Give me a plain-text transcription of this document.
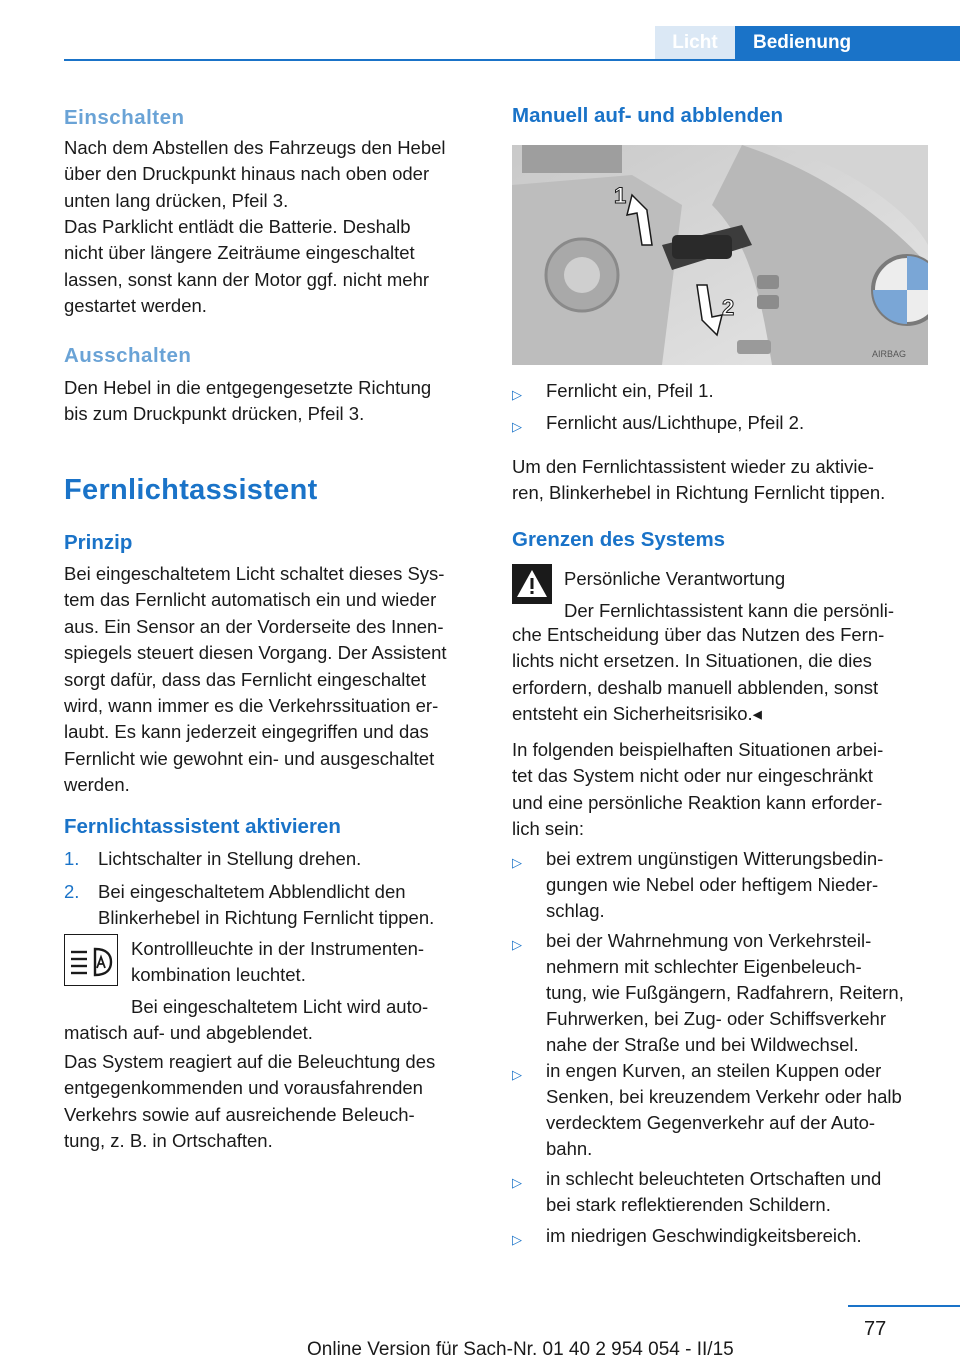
Licht	Bedienung
Einschalten

Nach dem Abstellen des Fahrzeugs den Hebel

über den Druckpunkt hinaus nach oben oder

unten lang drücken, Pfeil 3.

Das Parklicht entlädt die Batterie. Deshalb

nicht über längere Zeiträume eingeschaltet

lassen, sonst kann der Motor ggf. nicht mehr

gestartet werden.

Ausschalten

Den Hebel in die entgegengesetzte Richtung

bis zum Druckpunkt drücken, Pfeil 3.

Fernlichtassistent
Prinzip

Bei eingeschaltetem Licht schaltet dieses Sys-

tem das Fernlicht automatisch ein und wieder

aus. Ein Sensor an der Vorderseite des Innen-

spiegels steuert diesen Vorgang. Der Assistent

sorgt dafür, dass das Fernlicht eingeschaltet

wird, wann immer es die Verkehrssituation er-

laubt. Es kann jederzeit eingegriffen und das

Fernlicht wie gewohnt ein- und ausgeschaltet

werden.

Fernlichtassistent aktivieren
1. Lichtschalter in Stellung drehen.
2. Bei eingeschaltetem Abblendlicht den
Blinkerhebel in Richtung Fernlicht tippen.

Kontrollleuchte in der Instrumenten-

kombination leuchtet.

Bei eingeschaltetem Licht wird auto-

matisch auf- und abgeblendet.

Das System reagiert auf die Beleuchtung des

entgegenkommenden und vorausfahrenden

Verkehrs sowie auf ausreichende Beleuch-

tung, z. B. in Ortschaften.

Manuell auf- und abblenden
1
2
AIRBAG
▷ Fernlicht ein, Pfeil 1.
▷ Fernlicht aus/Lichthupe, Pfeil 2.

Um den Fernlichtassistent wieder zu aktivie-

ren, Blinkerhebel in Richtung Fernlicht tippen.

Grenzen des Systems

Persönliche Verantwortung

Der Fernlichtassistent kann die persönli-

che Entscheidung über das Nutzen des Fern-

lichts nicht ersetzen. In Situationen, die dies

erfordern, deshalb manuell abblenden, sonst

entsteht ein Sicherheitsrisiko.◂

In folgenden beispielhaften Situationen arbei-

tet das System nicht oder nur eingeschränkt

und eine persönliche Reaktion kann erforder-

lich sein:

▷ bei extrem ungünstigen Witterungsbedin-
gungen wie Nebel oder heftigem Nieder-
schlag.
▷ bei der Wahrnehmung von Verkehrsteil-
nehmern mit schlechter Eigenbeleuch-
tung, wie Fußgängern, Radfahrern, Reitern,
Fuhrwerken, bei Zug- oder Schiffsverkehr
nahe der Straße und bei Wildwechsel.
▷ in engen Kurven, an steilen Kuppen oder
Senken, bei kreuzendem Verkehr oder halb
verdecktem Gegenverkehr auf der Auto-
bahn.
▷ in schlecht beleuchteten Ortschaften und
bei stark reflektierenden Schildern.
▷ im niedrigen Geschwindigkeitsbereich.
77
Online Version für Sach-Nr. 01 40 2 954 054 - II/15
